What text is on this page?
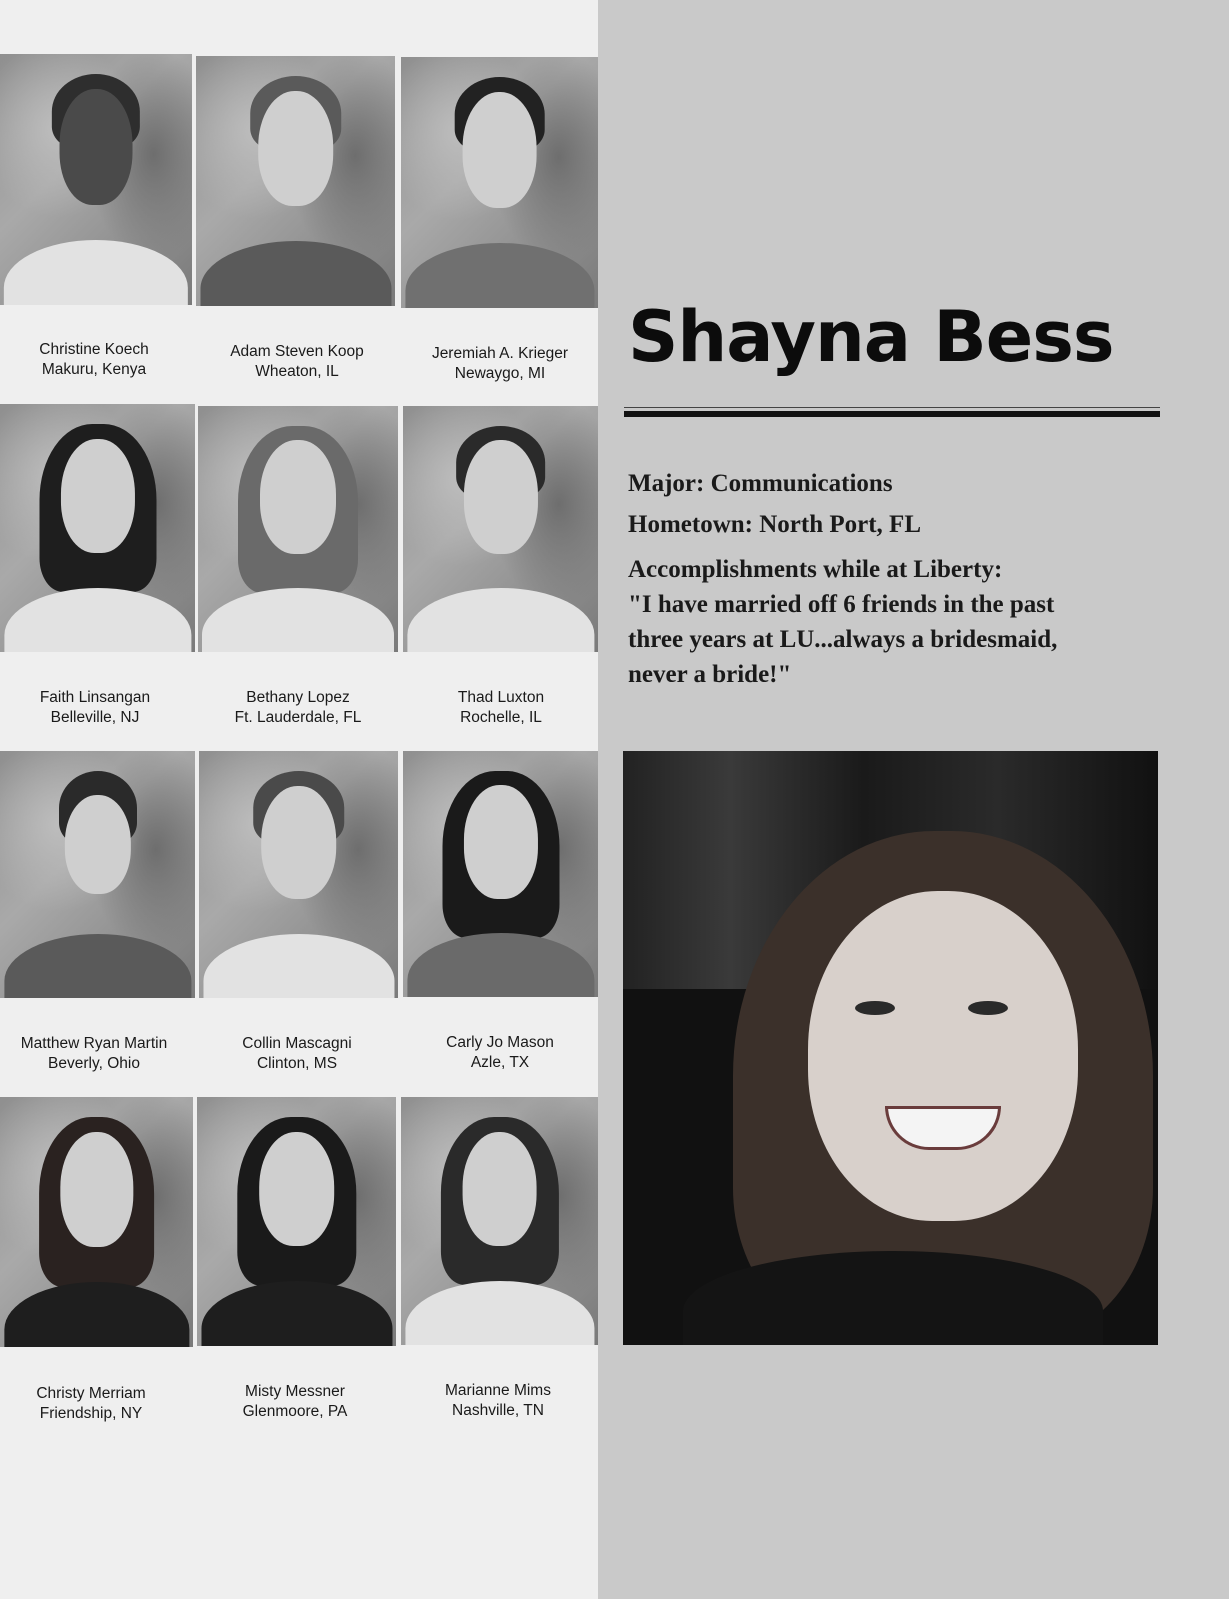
Christine Koech
Makuru, Kenya
Adam Steven Koop
Wheaton, IL
Jeremiah A. Krieger
Newaygo, MI
Faith Linsangan
Belleville, NJ
Bethany Lopez
Ft. Lauderdale, FL
Thad Luxton
Rochelle, IL
Matthew Ryan Martin
Beverly, Ohio
Collin Mascagni
Clinton, MS
Carly Jo Mason
Azle, TX
Christy Merriam
Friendship, NY
Misty Messner
Glenmoore, PA
Marianne Mims
Nashville, TN
Shayna Bess
Major: Communications
Hometown: North Port, FL
Accomplishments while at Liberty:
"I have married off 6 friends in the past
three years at LU...always a bridesmaid,
never a bride!"
